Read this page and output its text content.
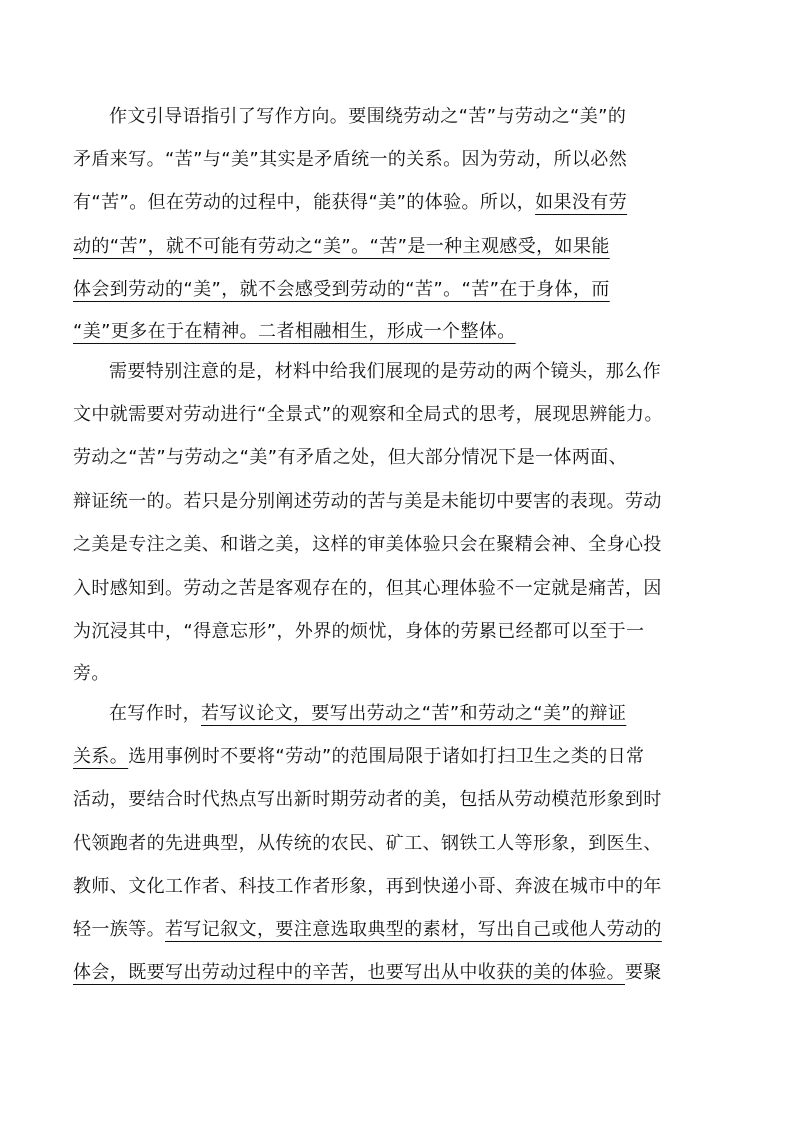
作文引导语指引了写作方向。要围绕劳动之“苦”与劳动之“美”的
矛盾来写。“苦”与“美”其实是矛盾统一的关系。因为劳动，所以必然
有“苦”。但在劳动的过程中，能获得“美”的体验。所以，如果没有劳
动的“苦”，就不可能有劳动之“美”。“苦”是一种主观感受，如果能
体会到劳动的“美”，就不会感受到劳动的“苦”。“苦”在于身体，而
“美”更多在于在精神。二者相融相生，形成一个整体。
需要特别注意的是，材料中给我们展现的是劳动的两个镜头，那么作
文中就需要对劳动进行“全景式”的观察和全局式的思考，展现思辨能力。
劳动之“苦”与劳动之“美”有矛盾之处，但大部分情况下是一体两面、
辩证统一的。若只是分别阐述劳动的苦与美是未能切中要害的表现。劳动
之美是专注之美、和谐之美，这样的审美体验只会在聚精会神、全身心投
入时感知到。劳动之苦是客观存在的，但其心理体验不一定就是痛苦，因
为沉浸其中，“得意忘形”，外界的烦忧，身体的劳累已经都可以至于一
旁。
在写作时，若写议论文，要写出劳动之“苦”和劳动之“美”的辩证
关系。选用事例时不要将“劳动”的范围局限于诸如打扫卫生之类的日常
活动，要结合时代热点写出新时期劳动者的美，包括从劳动模范形象到时
代领跑者的先进典型，从传统的农民、矿工、钢铁工人等形象，到医生、
教师、文化工作者、科技工作者形象，再到快递小哥、奔波在城市中的年
轻一族等。若写记叙文，要注意选取典型的素材，写出自己或他人劳动的
体会，既要写出劳动过程中的辛苦，也要写出从中收获的美的体验。要聚
